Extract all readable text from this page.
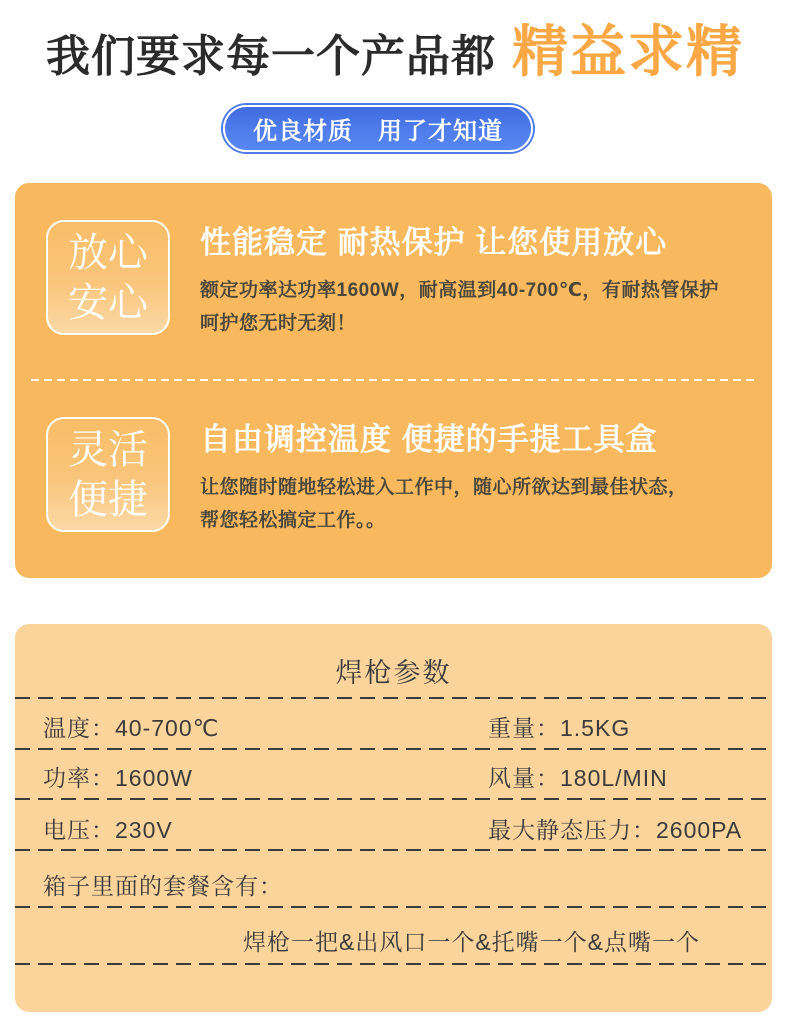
我们要求每一个产品都 精益求精
优良材质　用了才知道
放心
安心
性能稳定 耐热保护 让您使用放心

额定功率达功率1600W，耐高温到40-700℃，有耐热管保护

呵护您无时无刻！

灵活
便捷
自由调控温度 便捷的手提工具盒

让您随时随地轻松进入工作中，随心所欲达到最佳状态，

帮您轻松搞定工作。。

焊枪参数
温度：40-700℃	重量：1.5KG
功率：1600W	风量：180L/MIN
电压：230V	最大静态压力：2600PA
箱子里面的套餐含有：
焊枪一把&出风口一个&托嘴一个&点嘴一个
